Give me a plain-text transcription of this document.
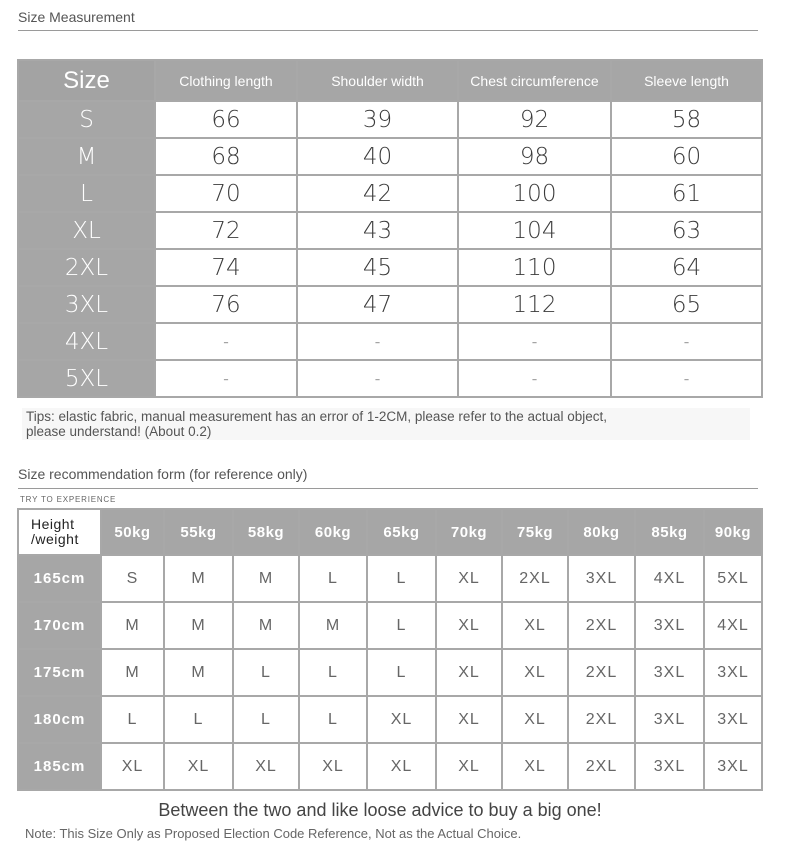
Size Measurement
Size	Clothing length	Shoulder width	Chest circumference	Sleeve length
S	66	39	92	58
M	68	40	98	60
L	70	42	100	61
XL	72	43	104	63
2XL	74	45	110	64
3XL	76	47	112	65
4XL	-	-	-	-
5XL	-	-	-	-
Tips: elastic fabric, manual measurement has an error of 1-2CM, please refer to the actual object,
please understand! (About 0.2)
Size recommendation form (for reference only)
TRY TO EXPERIENCE
Height
/weight	50kg	55kg	58kg	60kg	65kg	70kg	75kg	80kg	85kg	90kg
165cm	S	M	M	L	L	XL	2XL	3XL	4XL	5XL
170cm	M	M	M	M	L	XL	XL	2XL	3XL	4XL
175cm	M	M	L	L	L	XL	XL	2XL	3XL	3XL
180cm	L	L	L	L	XL	XL	XL	2XL	3XL	3XL
185cm	XL	XL	XL	XL	XL	XL	XL	2XL	3XL	3XL
Between the two and like loose advice to buy a big one!
Note: This Size Only as Proposed Election Code Reference, Not as the Actual Choice.
